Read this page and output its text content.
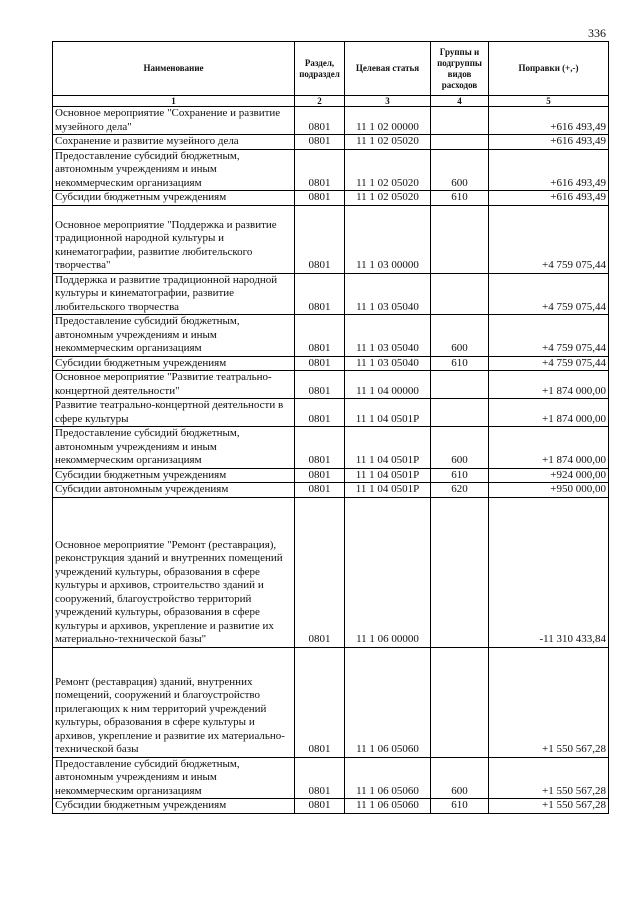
336
Наименование	Раздел, подраздел	Целевая статья	Группы и подгруппы видов расходов	Поправки (+,-)
1	2	3	4	5
Основное мероприятие "Сохранение и развитие музейного дела"	0801	11 1 02 00000		+616 493,49
Сохранение и развитие музейного дела	0801	11 1 02 05020		+616 493,49
Предоставление субсидий бюджетным, автономным учреждениям и иным некоммерческим организациям	0801	11 1 02 05020	600	+616 493,49
Субсидии бюджетным учреждениям	0801	11 1 02 05020	610	+616 493,49
Основное мероприятие "Поддержка и развитие традиционной народной культуры и кинематографии, развитие любительского творчества"	0801	11 1 03 00000		+4 759 075,44
Поддержка и развитие традиционной народной культуры и кинематографии, развитие любительского творчества	0801	11 1 03 05040		+4 759 075,44
Предоставление субсидий бюджетным, автономным учреждениям и иным некоммерческим организациям	0801	11 1 03 05040	600	+4 759 075,44
Субсидии бюджетным учреждениям	0801	11 1 03 05040	610	+4 759 075,44
Основное мероприятие "Развитие театрально-концертной деятельности"	0801	11 1 04 00000		+1 874 000,00
Развитие театрально-концертной деятельности в сфере культуры	0801	11 1 04 0501P		+1 874 000,00
Предоставление субсидий бюджетным, автономным учреждениям и иным некоммерческим организациям	0801	11 1 04 0501P	600	+1 874 000,00
Субсидии бюджетным учреждениям	0801	11 1 04 0501P	610	+924 000,00
Субсидии автономным учреждениям	0801	11 1 04 0501P	620	+950 000,00
Основное мероприятие "Ремонт (реставрация), реконструкция зданий и внутренних помещений учреждений культуры, образования в сфере культуры и архивов, строительство зданий и сооружений, благоустройство территорий учреждений культуры, образования в сфере культуры и архивов, укрепление и развитие их материально-технической базы"	0801	11 1 06 00000		-11 310 433,84
Ремонт (реставрация) зданий, внутренних помещений, сооружений и благоустройство прилегающих к ним территорий учреждений культуры, образования в сфере культуры и архивов, укрепление и развитие их материально-технической базы	0801	11 1 06 05060		+1 550 567,28
Предоставление субсидий бюджетным, автономным учреждениям и иным некоммерческим организациям	0801	11 1 06 05060	600	+1 550 567,28
Субсидии бюджетным учреждениям	0801	11 1 06 05060	610	+1 550 567,28
